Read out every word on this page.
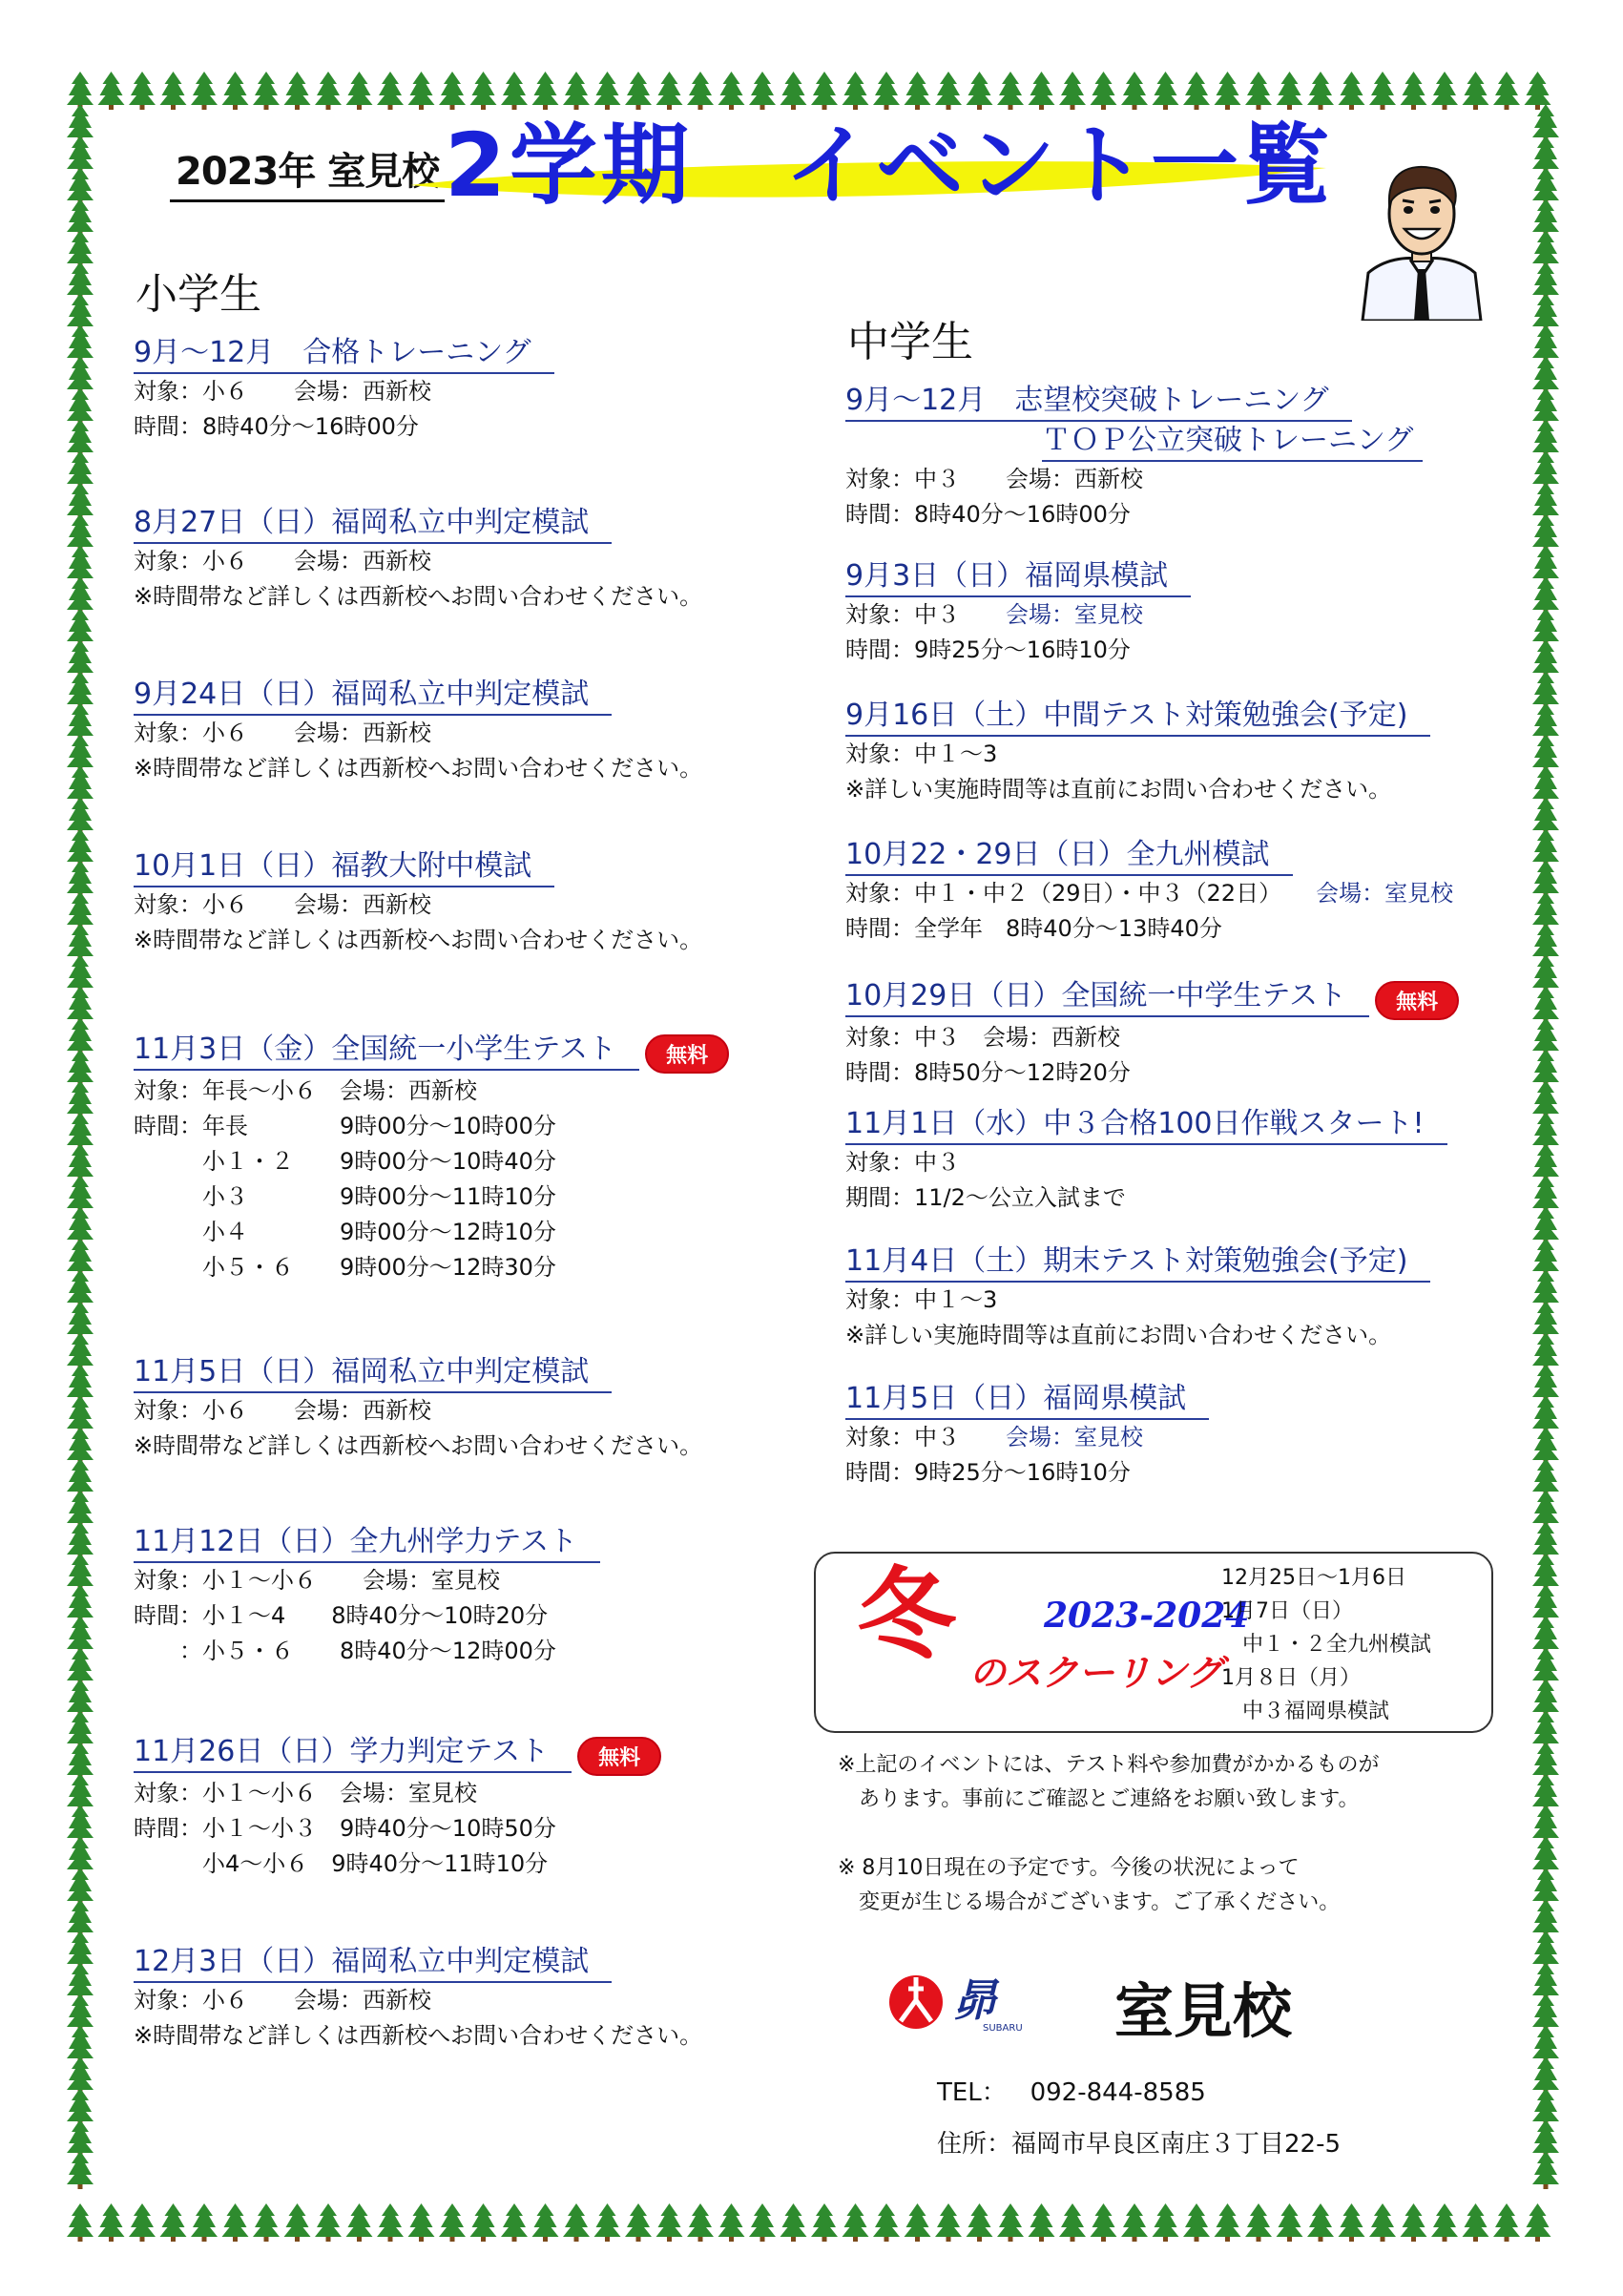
2023年 室見校 2学期　イベント一覧
小学生
9月～12月　合格トレーニング
対象：小６　　会場：西新校
時間：8時40分～16時00分
8月27日（日）福岡私立中判定模試
対象：小６　　会場：西新校
※時間帯など詳しくは西新校へお問い合わせください。
9月24日（日）福岡私立中判定模試
対象：小６　　会場：西新校
※時間帯など詳しくは西新校へお問い合わせください。
10月1日（日）福教大附中模試
対象：小６　　会場：西新校
※時間帯など詳しくは西新校へお問い合わせください。
11月3日（金）全国統一小学生テスト 無料
対象：年長～小６　会場：西新校
時間：年長　　　　9時00分～10時00分
　　　小１・２　　9時00分～10時40分
　　　小３　　　　9時00分～11時10分
　　　小４　　　　9時00分～12時10分
　　　小５・６　　9時00分～12時30分
11月5日（日）福岡私立中判定模試
対象：小６　　会場：西新校
※時間帯など詳しくは西新校へお問い合わせください。
11月12日（日）全九州学力テスト
対象：小１～小６　　会場：室見校
時間：小１～4　　8時40分～10時20分
　　：小５・６　　8時40分～12時00分
11月26日（日）学力判定テスト 無料
対象：小１～小６　会場：室見校
時間：小１～小３　9時40分～10時50分
　　　小4～小６　9時40分～11時10分
12月3日（日）福岡私立中判定模試
対象：小６　　会場：西新校
※時間帯など詳しくは西新校へお問い合わせください。
中学生
9月～12月　志望校突破トレーニング
ＴＯＰ公立突破トレーニング
対象：中３　　会場：西新校
時間：8時40分～16時00分
9月3日（日）福岡県模試
対象：中３　　会場：室見校
時間：9時25分～16時10分
9月16日（土）中間テスト対策勉強会(予定)
対象：中１～3
※詳しい実施時間等は直前にお問い合わせください。
10月22・29日（日）全九州模試
対象：中１・中２（29日）・中３（22日）　　会場：室見校
時間：全学年　8時40分～13時40分
10月29日（日）全国統一中学生テスト 無料
対象：中３　会場：西新校
時間：8時50分～12時20分
11月1日（水）中３合格100日作戦スタート!
対象：中３
期間：11/2～公立入試まで
11月4日（土）期末テスト対策勉強会(予定)
対象：中１～3
※詳しい実施時間等は直前にお問い合わせください。
11月5日（日）福岡県模試
対象：中３　　会場：室見校
時間：9時25分～16時10分
冬	2023-2024
のスクーリング
12月25日～1月6日
1月7日（日）
　中１・２全九州模試
1月８日（月）
　中３福岡県模試
※上記のイベントには、テスト料や参加費がかかるものが
　あります。事前にご確認とご連絡をお願い致します。

※ 8月10日現在の予定です。今後の状況によって
　変更が生じる場合がございます。ご了承ください。
昴
SUBARU 室見校
TEL： 092-844-8585
住所：福岡市早良区南庄３丁目22-5
